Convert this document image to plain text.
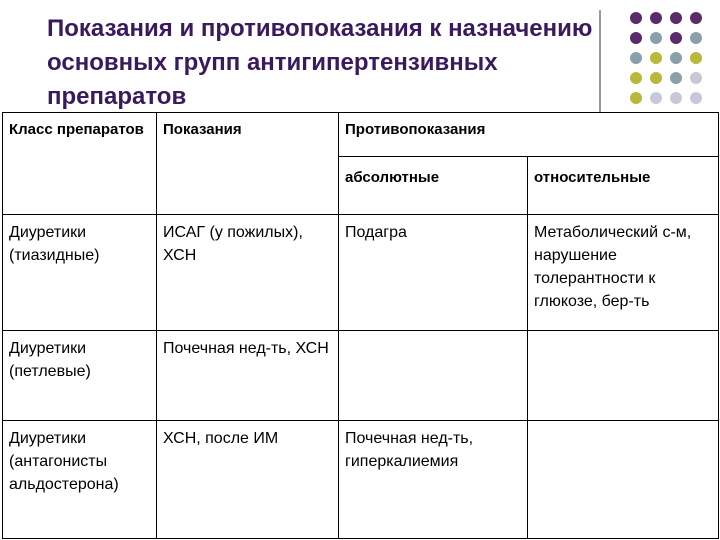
Показания и противопоказания к назначению основных групп антигипертензивных препаратов
Класс препаратов	Показания	Противопоказания	
		абсолютные	относительные
Диуретики (тиазидные)	ИСАГ (у пожилых), ХСН	Подагра	Метаболический с-м, нарушение толерантности к глюкозе, бер-ть
Диуретики (петлевые)	Почечная нед-ть, ХСН		
Диуретики (антагонисты альдостерона)	ХСН, после ИМ	Почечная нед-ть, гиперкалиемия	
